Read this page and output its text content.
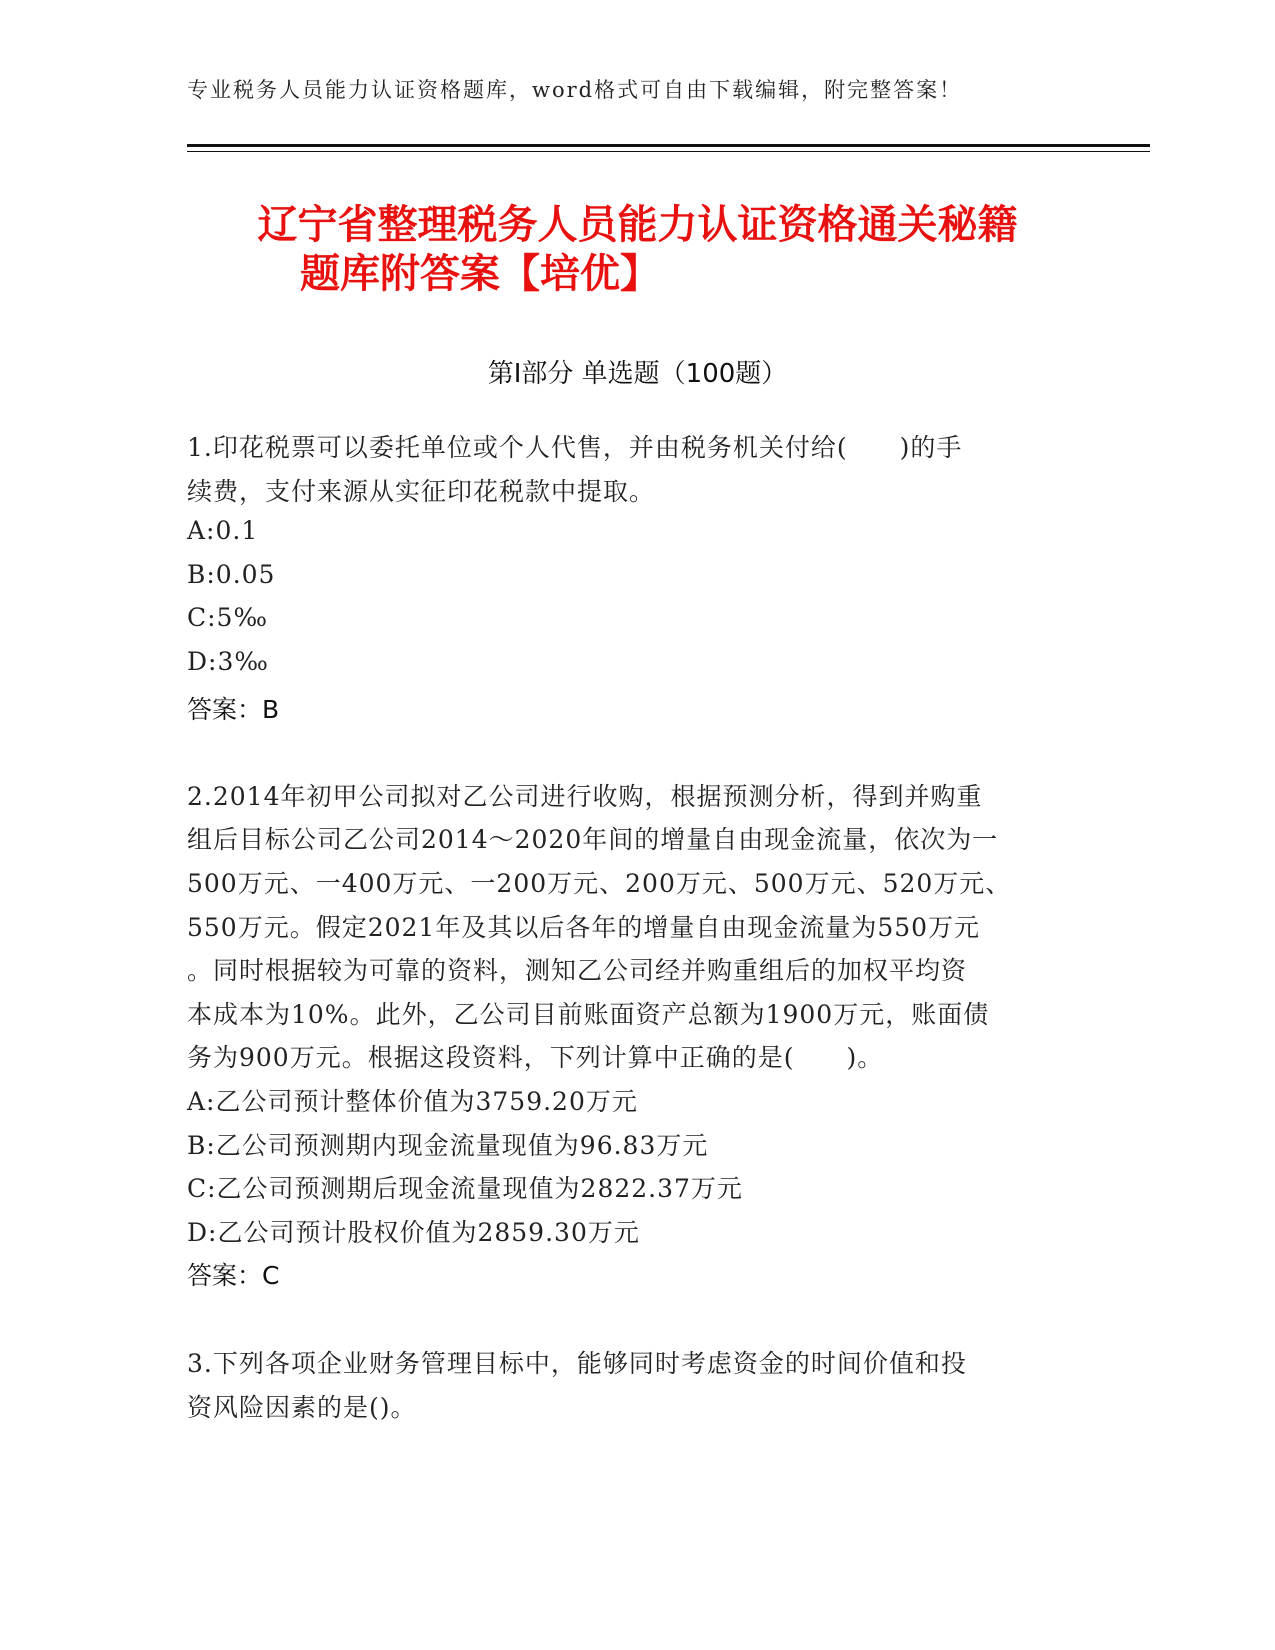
专业税务人员能力认证资格题库，word格式可自由下载编辑，附完整答案！
辽宁省整理税务人员能力认证资格通关秘籍
题库附答案【培优】
第Ⅰ部分 单选题（100题）
1.印花税票可以委托单位或个人代售，并由税务机关付给(　　)的手
续费，支付来源从实征印花税款中提取。
A:0.1
B:0.05
C:5‰
D:3‰
答案：B
2.2014年初甲公司拟对乙公司进行收购，根据预测分析，得到并购重
组后目标公司乙公司2014～2020年间的增量自由现金流量，依次为一
500万元、一400万元、一200万元、200万元、500万元、520万元、
550万元。假定2021年及其以后各年的增量自由现金流量为550万元
。同时根据较为可靠的资料，测知乙公司经并购重组后的加权平均资
本成本为10%。此外，乙公司目前账面资产总额为1900万元，账面债
务为900万元。根据这段资料，下列计算中正确的是(　　)。
A:乙公司预计整体价值为3759.20万元
B:乙公司预测期内现金流量现值为96.83万元
C:乙公司预测期后现金流量现值为2822.37万元
D:乙公司预计股权价值为2859.30万元
答案：C
3.下列各项企业财务管理目标中，能够同时考虑资金的时间价值和投
资风险因素的是()。
